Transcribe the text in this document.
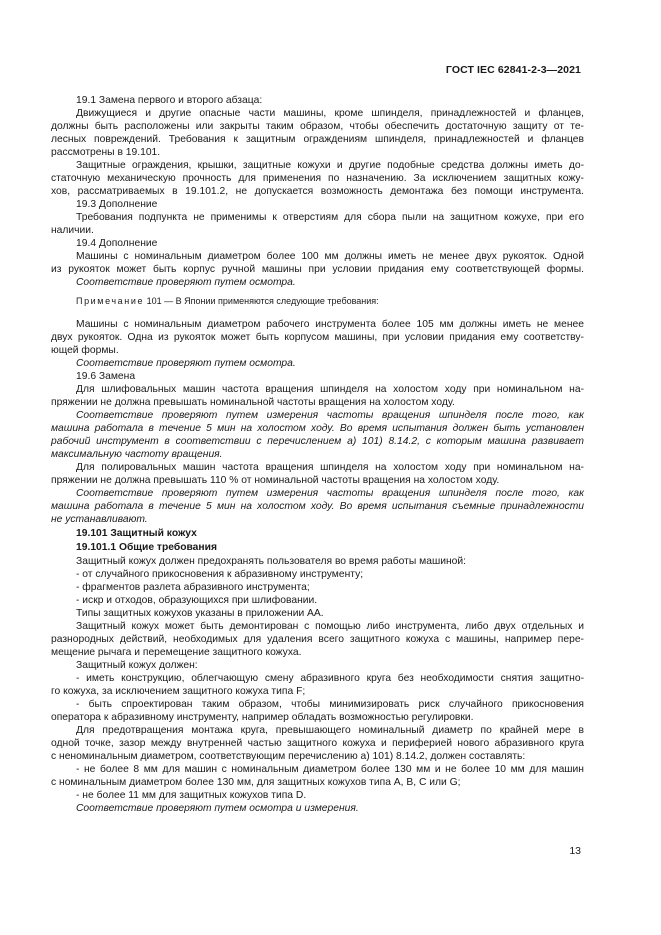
ГОСТ IEC 62841-2-3—2021
19.1 Замена первого и второго абзаца:
Движущиеся и другие опасные части машины, кроме шпинделя, принадлежностей и фланцев,
должны быть расположены или закрыты таким образом, чтобы обеспечить достаточную защиту от те-
лесных повреждений. Требования к защитным ограждениям шпинделя, принадлежностей и фланцев
рассмотрены в 19.101.
Защитные ограждения, крышки, защитные кожухи и другие подобные средства должны иметь до-
статочную механическую прочность для применения по назначению. За исключением защитных кожу-
хов, рассматриваемых в 19.101.2, не допускается возможность демонтажа без помощи инструмента.
19.3 Дополнение
Требования подпункта не применимы к отверстиям для сбора пыли на защитном кожухе, при его
наличии.
19.4 Дополнение
Машины с номинальным диаметром более 100 мм должны иметь не менее двух рукояток. Одной
из рукояток может быть корпус ручной машины при условии придания ему соответствующей формы.
Соответствие проверяют путем осмотра.
Примечание 101 — В Японии применяются следующие требования:
Машины с номинальным диаметром рабочего инструмента более 105 мм должны иметь не менее
двух рукояток. Одна из рукояток может быть корпусом машины, при условии придания ему соответству-
ющей формы.
Соответствие проверяют путем осмотра.
19.6 Замена
Для шлифовальных машин частота вращения шпинделя на холостом ходу при номинальном на-
пряжении не должна превышать номинальной частоты вращения на холостом ходу.
Соответствие проверяют путем измерения частоты вращения шпинделя после того, как
машина работала в течение 5 мин на холостом ходу. Во время испытания должен быть установлен
рабочий инструмент в соответствии с перечислением а) 101) 8.14.2, с которым машина развивает
максимальную частоту вращения.
Для полировальных машин частота вращения шпинделя на холостом ходу при номинальном на-
пряжении не должна превышать 110 % от номинальной частоты вращения на холостом ходу.
Соответствие проверяют путем измерения частоты вращения шпинделя после того, как
машина работала в течение 5 мин на холостом ходу. Во время испытания съемные принадлежности
не устанавливают.
19.101 Защитный кожух
19.101.1 Общие требования
Защитный кожух должен предохранять пользователя во время работы машиной:
- от случайного прикосновения к абразивному инструменту;
- фрагментов разлета абразивного инструмента;
- искр и отходов, образующихся при шлифовании.
Типы защитных кожухов указаны в приложении АА.
Защитный кожух может быть демонтирован с помощью либо инструмента, либо двух отдельных и
разнородных действий, необходимых для удаления всего защитного кожуха с машины, например пере-
мещение рычага и перемещение защитного кожуха.
Защитный кожух должен:
- иметь конструкцию, облегчающую смену абразивного круга без необходимости снятия защитно-
го кожуха, за исключением защитного кожуха типа F;
- быть спроектирован таким образом, чтобы минимизировать риск случайного прикосновения
оператора к абразивному инструменту, например обладать возможностью регулировки.
Для предотвращения монтажа круга, превышающего номинальный диаметр по крайней мере в
одной точке, зазор между внутренней частью защитного кожуха и периферией нового абразивного круга
с неноминальным диаметром, соответствующим перечислению а) 101) 8.14.2, должен составлять:
- не более 8 мм для машин с номинальным диаметром более 130 мм и не более 10 мм для машин
с номинальным диаметром более 130 мм, для защитных кожухов типа А, В, С или G;
- не более 11 мм для защитных кожухов типа D.
Соответствие проверяют путем осмотра и измерения.
13
